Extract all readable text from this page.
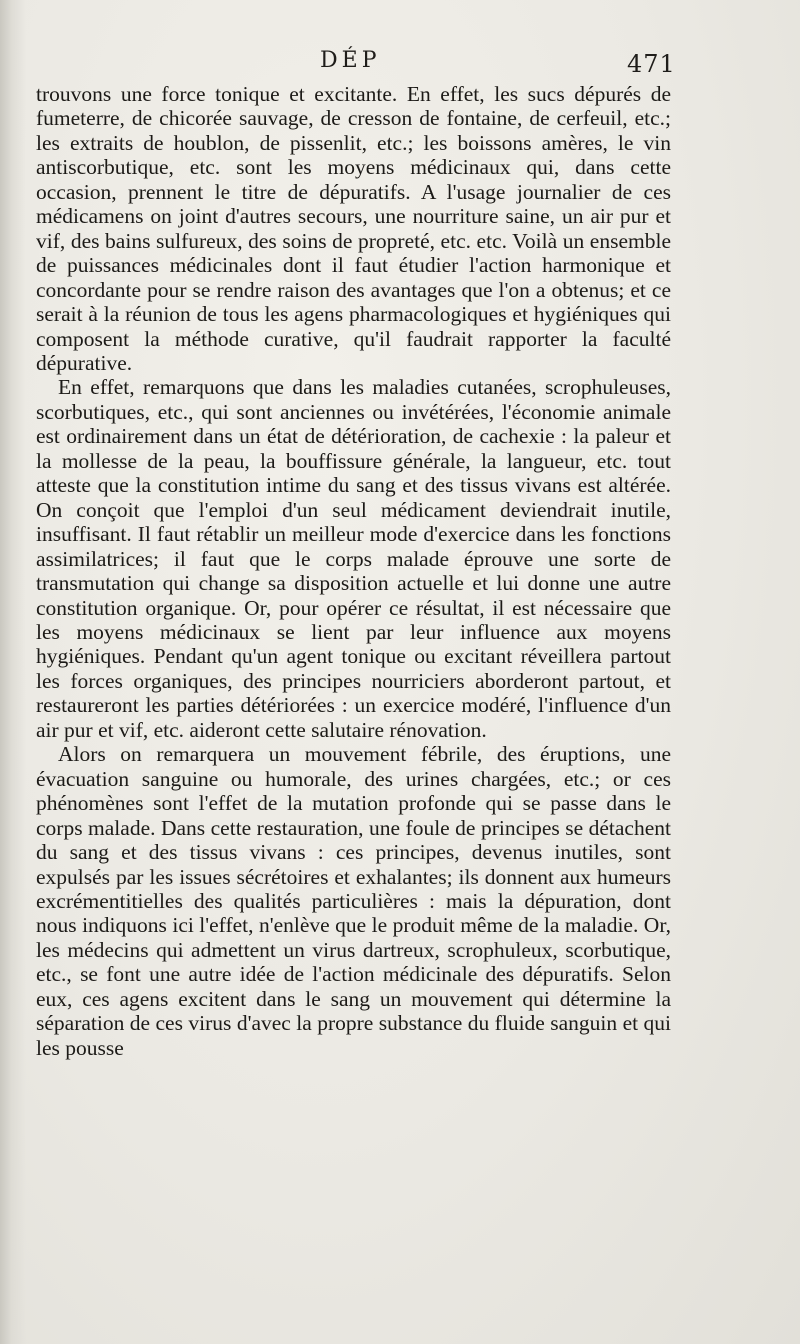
DÉP	471

trouvons une force tonique et excitante. En effet, les sucs dépurés de fumeterre, de chicorée sauvage, de cresson de fontaine, de cerfeuil, etc.; les extraits de houblon, de pissenlit, etc.; les boissons amères, le vin antiscorbutique, etc. sont les moyens médicinaux qui, dans cette occasion, prennent le titre de dépuratifs. A l'usage journalier de ces médicamens on joint d'autres secours, une nourriture saine, un air pur et vif, des bains sulfureux, des soins de propreté, etc. etc. Voilà un ensemble de puissances médicinales dont il faut étudier l'action harmonique et concordante pour se rendre raison des avantages que l'on a obtenus; et ce serait à la réunion de tous les agens pharmacologiques et hygiéniques qui composent la méthode curative, qu'il faudrait rapporter la faculté dépurative.

En effet, remarquons que dans les maladies cutanées, scrophuleuses, scorbutiques, etc., qui sont anciennes ou invétérées, l'économie animale est ordinairement dans un état de détérioration, de cachexie : la paleur et la mollesse de la peau, la bouffissure générale, la langueur, etc. tout atteste que la constitution intime du sang et des tissus vivans est altérée. On conçoit que l'emploi d'un seul médicament deviendrait inutile, insuffisant. Il faut rétablir un meilleur mode d'exercice dans les fonctions assimilatrices; il faut que le corps malade éprouve une sorte de transmutation qui change sa disposition actuelle et lui donne une autre constitution organique. Or, pour opérer ce résultat, il est nécessaire que les moyens médicinaux se lient par leur influence aux moyens hygiéniques. Pendant qu'un agent tonique ou excitant réveillera partout les forces organiques, des principes nourriciers aborderont partout, et restaureront les parties détériorées : un exercice modéré, l'influence d'un air pur et vif, etc. aideront cette salutaire rénovation.

Alors on remarquera un mouvement fébrile, des éruptions, une évacuation sanguine ou humorale, des urines chargées, etc.; or ces phénomènes sont l'effet de la mutation profonde qui se passe dans le corps malade. Dans cette restauration, une foule de principes se détachent du sang et des tissus vivans : ces principes, devenus inutiles, sont expulsés par les issues sécrétoires et exhalantes; ils donnent aux humeurs excrémentitielles des qualités particulières : mais la dépuration, dont nous indiquons ici l'effet, n'enlève que le produit même de la maladie. Or, les médecins qui admettent un virus dartreux, scrophuleux, scorbutique, etc., se font une autre idée de l'action médicinale des dépuratifs. Selon eux, ces agens excitent dans le sang un mouvement qui détermine la séparation de ces virus d'avec la propre substance du fluide sanguin et qui les pousse
